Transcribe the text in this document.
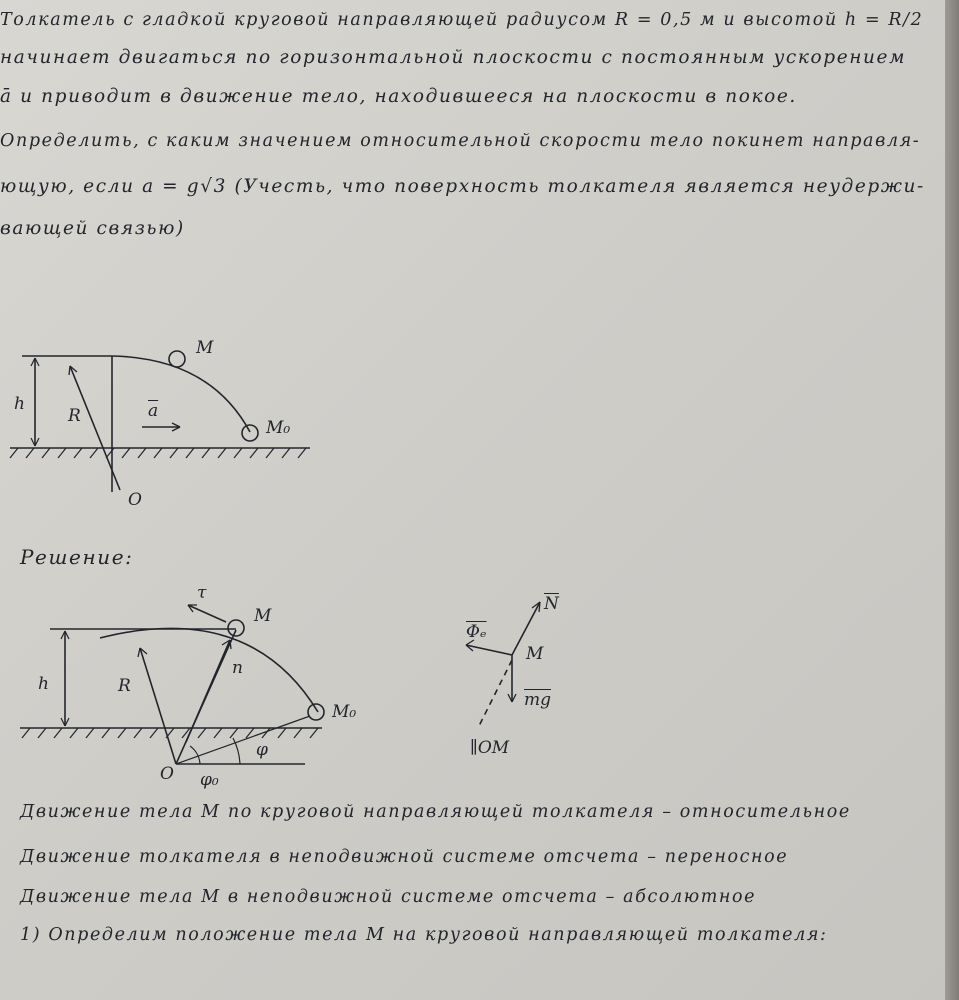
Толкатель с гладкой круговой направляющей радиусом R = 0,5 м и высотой h = R/2

начинает двигаться по горизонтальной плоскости с постоянным ускорением

ā и приводит в движение тело, находившееся на плоскости в покое.

Определить, с каким значением относительной скорости тело покинет направля-

ющую, если a = g√3 (Учесть, что поверхность толкателя является неудержи-

вающей связью)

M
M₀
h
R	$\overline{a}$
O

Решение:

τ
M
M₀
h	R
n
O
φ
φ₀
$\overline{N}$
$\overline{\Phi_e}$
M
$\overline{mg}$
∥OM

Движение тела M по круговой направляющей толкателя – относительное

Движение толкателя в неподвижной системе отсчета – переносное

Движение тела M в неподвижной системе отсчета – абсолютное

1) Определим положение тела M на круговой направляющей толкателя:
